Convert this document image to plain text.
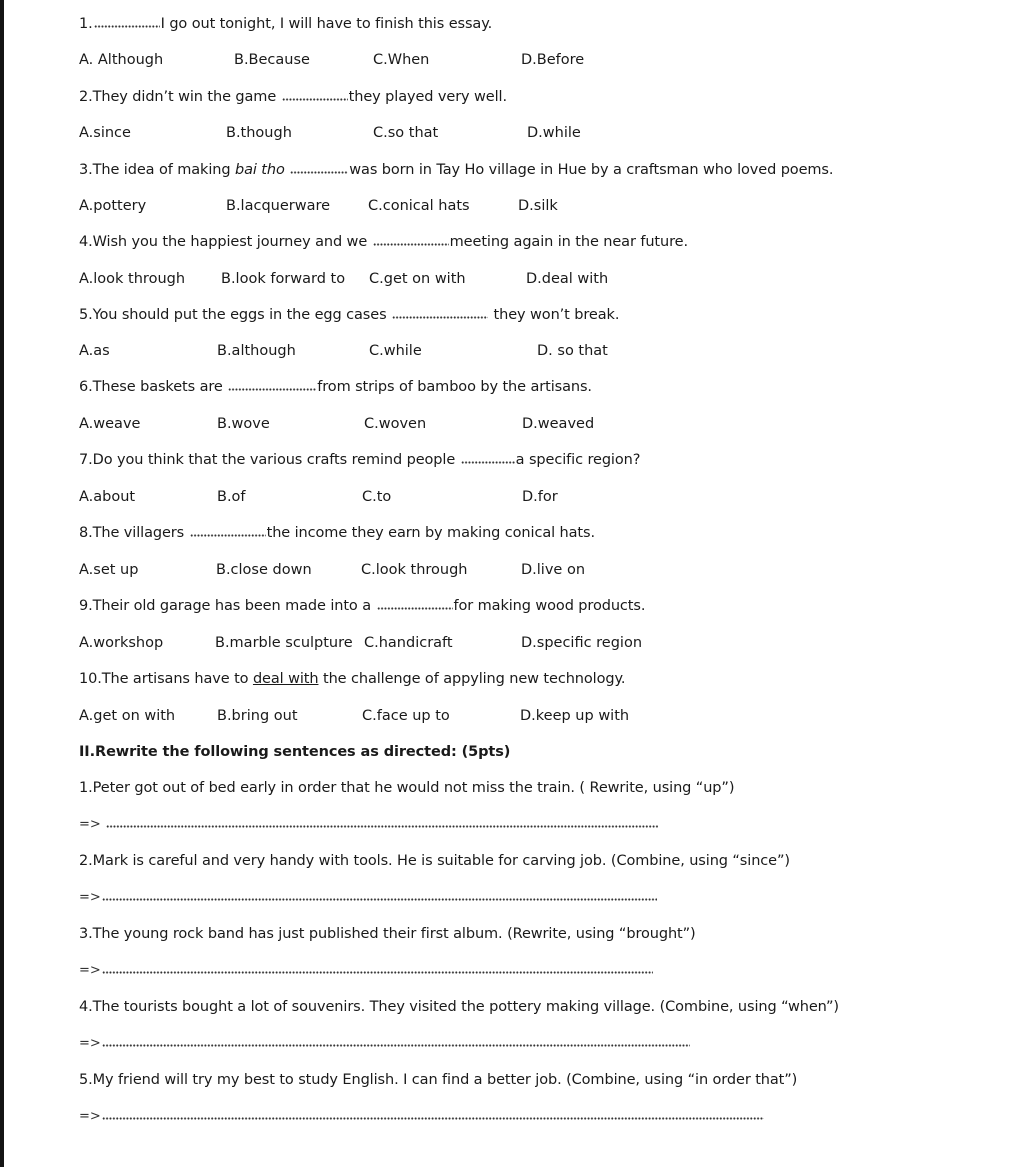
1.	I go out tonight, I will have to finish this essay.
A. Although	B.Because	C.When	D.Before
2.They didn’t win the game	they played very well.
A.since	B.though	C.so that	D.while
3.The idea of making bai tho	was born in Tay Ho village in Hue by a craftsman who loved poems.
A.pottery	B.lacquerware	C.conical hats	D.silk
4.Wish you the happiest journey and we	meeting again in the near future.
A.look through B.look forward to C.get on with	D.deal with
5.You should put the eggs in the egg cases	they won’t break.
A.as	B.although	C.while	D. so that
6.These baskets are	from strips of bamboo by the artisans.
A.weave	B.wove	C.woven	D.weaved
7.Do you think that the various crafts remind people	a specific region?
A.about	B.of	C.to	D.for
8.The villagers	the income they earn by making conical hats.
A.set up	B.close down	C.look through	D.live on
9.Their old garage has been made into a	for making wood products.
A.workshop	B.marble sculpture C.handicraft	D.specific region
10.The artisans have to deal with the challenge of appyling new technology.
A.get on with	B.bring out	C.face up to	D.keep up with
II.Rewrite the following sentences as directed: (5pts)
1.Peter got out of bed early in order that he would not miss the train. ( Rewrite, using “up”)
=>
2.Mark is careful and very handy with tools. He is suitable for carving job. (Combine, using “since”)
=>
3.The young rock band has just published their first album. (Rewrite, using “brought”)
=>
4.The tourists bought a lot of souvenirs. They visited the pottery making village. (Combine, using “when”)
=>
5.My friend will try my best to study English. I can find a better job. (Combine, using “in order that”)
=>
